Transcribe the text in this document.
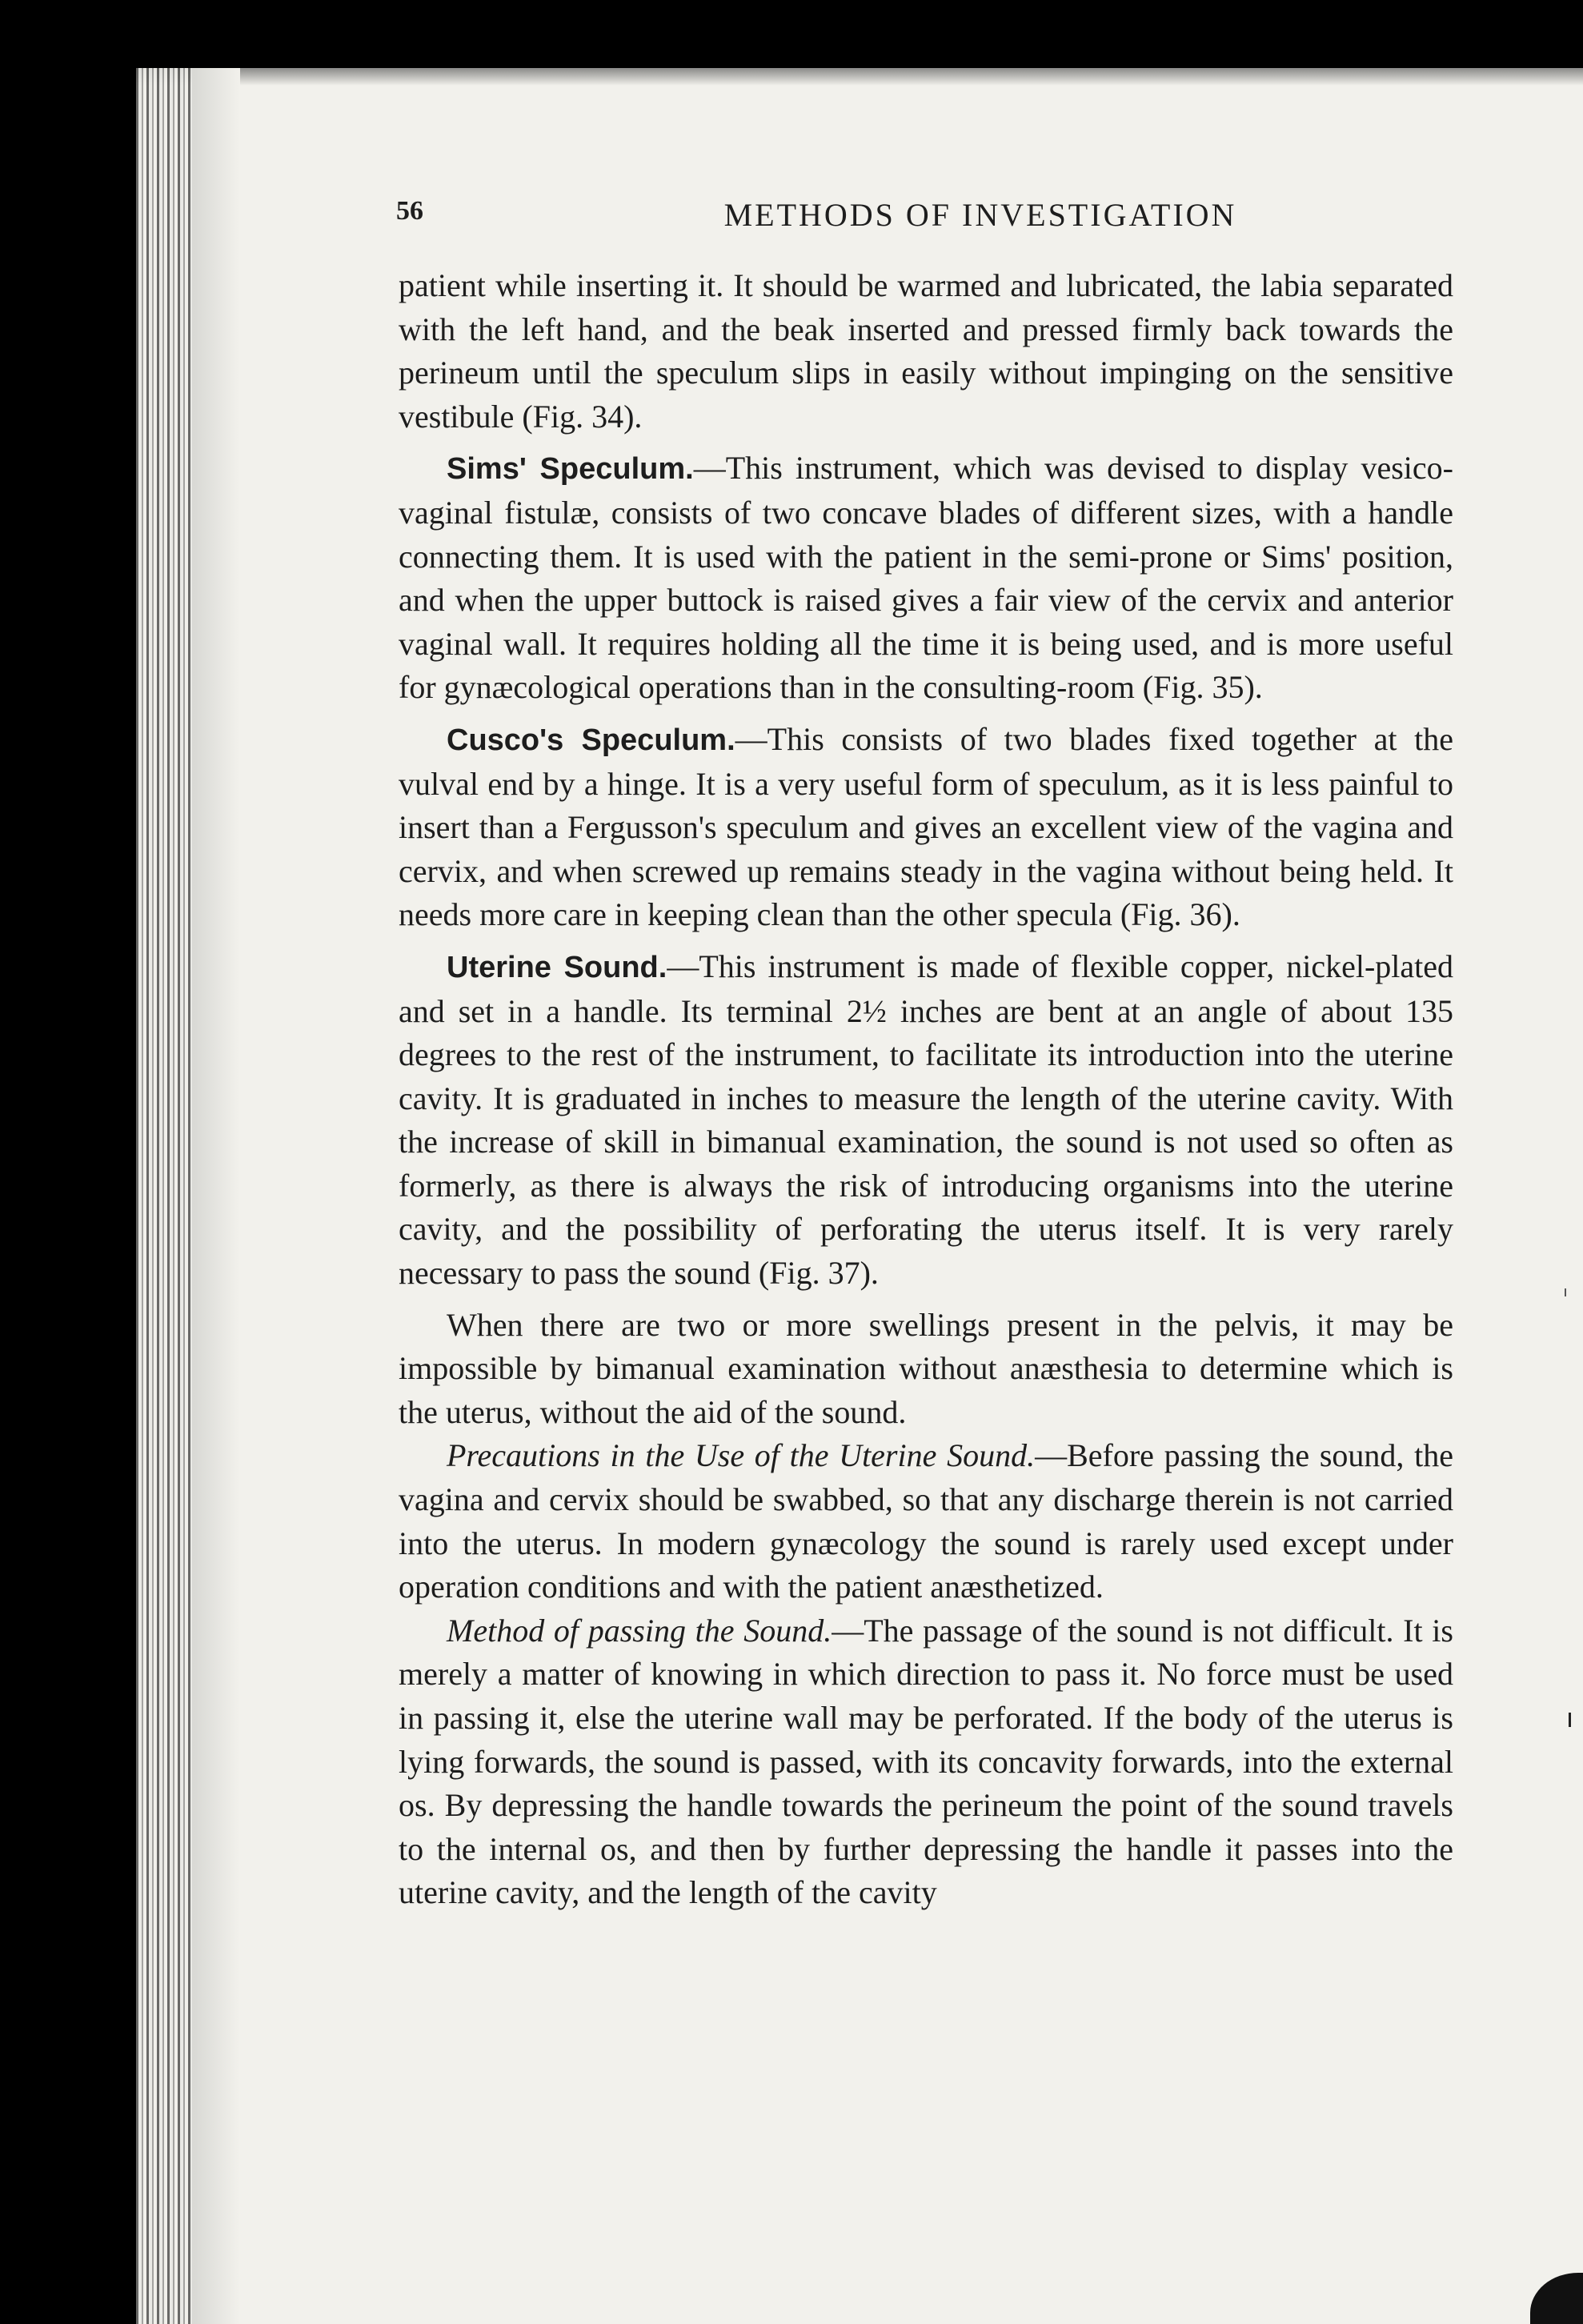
56	METHODS OF INVESTIGATION

patient while inserting it. It should be warmed and lubricated, the labia separated with the left hand, and the beak inserted and pressed firmly back towards the perineum until the speculum slips in easily without impinging on the sensitive vestibule (Fig. 34).

Sims' Speculum.—This instrument, which was devised to display vesico-vaginal fistulæ, consists of two concave blades of different sizes, with a handle connecting them. It is used with the patient in the semi-prone or Sims' position, and when the upper buttock is raised gives a fair view of the cervix and anterior vaginal wall. It requires holding all the time it is being used, and is more useful for gynæcological operations than in the consulting-room (Fig. 35).

Cusco's Speculum.—This consists of two blades fixed together at the vulval end by a hinge. It is a very useful form of speculum, as it is less painful to insert than a Fergusson's speculum and gives an excellent view of the vagina and cervix, and when screwed up remains steady in the vagina without being held. It needs more care in keeping clean than the other specula (Fig. 36).

Uterine Sound.—This instrument is made of flexible copper, nickel-plated and set in a handle. Its terminal 2½ inches are bent at an angle of about 135 degrees to the rest of the instrument, to facilitate its introduction into the uterine cavity. It is graduated in inches to measure the length of the uterine cavity. With the increase of skill in bimanual examination, the sound is not used so often as formerly, as there is always the risk of introducing organisms into the uterine cavity, and the possibility of perforating the uterus itself. It is very rarely necessary to pass the sound (Fig. 37).

When there are two or more swellings present in the pelvis, it may be impossible by bimanual examination without anæsthesia to determine which is the uterus, without the aid of the sound.

Precautions in the Use of the Uterine Sound.—Before passing the sound, the vagina and cervix should be swabbed, so that any discharge therein is not carried into the uterus. In modern gynæcology the sound is rarely used except under operation conditions and with the patient anæsthetized.

Method of passing the Sound.—The passage of the sound is not difficult. It is merely a matter of knowing in which direction to pass it. No force must be used in passing it, else the uterine wall may be perforated. If the body of the uterus is lying forwards, the sound is passed, with its concavity forwards, into the external os. By depressing the handle towards the perineum the point of the sound travels to the internal os, and then by further depressing the handle it passes into the uterine cavity, and the length of the cavity
